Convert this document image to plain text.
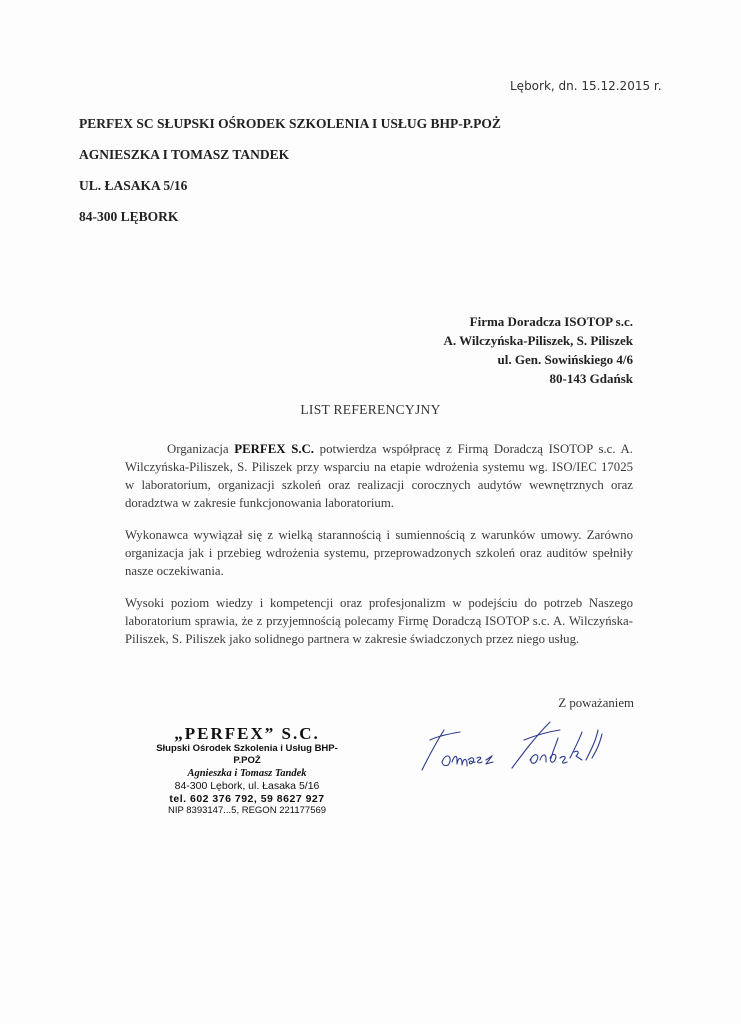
Lębork, dn. 15.12.2015 r.
PERFEX SC SŁUPSKI OŚRODEK SZKOLENIA I USŁUG BHP-P.POŻ
AGNIESZKA I TOMASZ TANDEK
UL. ŁASAKA 5/16
84-300 LĘBORK
Firma Doradcza ISOTOP s.c.
A. Wilczyńska-Piliszek, S. Piliszek
ul. Gen. Sowińskiego 4/6
80-143 Gdańsk
LIST REFERENCYJNY

Organizacja PERFEX S.C. potwierdza współpracę z Firmą Doradczą ISOTOP s.c. A. Wilczyńska-Piliszek, S. Piliszek przy wsparciu na etapie wdrożenia systemu wg. ISO/IEC 17025 w laboratorium, organizacji szkoleń oraz realizacji corocznych audytów wewnętrznych oraz doradztwa w zakresie funkcjonowania laboratorium.

Wykonawca wywiązał się z wielką starannością i sumiennością z warunków umowy. Zarówno organizacja jak i przebieg wdrożenia systemu, przeprowadzonych szkoleń oraz auditów spełniły nasze oczekiwania.

Wysoki poziom wiedzy i kompetencji oraz profesjonalizm w podejściu do potrzeb Naszego laboratorium sprawia, że z przyjemnością polecamy Firmę Doradczą ISOTOP s.c. A. Wilczyńska-Piliszek, S. Piliszek jako solidnego partnera w zakresie świadczonych przez niego usług.

Z poważaniem
„PERFEX” S.C.
Słupski Ośrodek Szkolenia i Usług BHP- P.POŻ
Agnieszka i Tomasz Tandek
84-300 Lębork, ul. Łasaka 5/16
tel. 602 376 792, 59 8627 927
NIP 8393147...5, REGON 221177569
